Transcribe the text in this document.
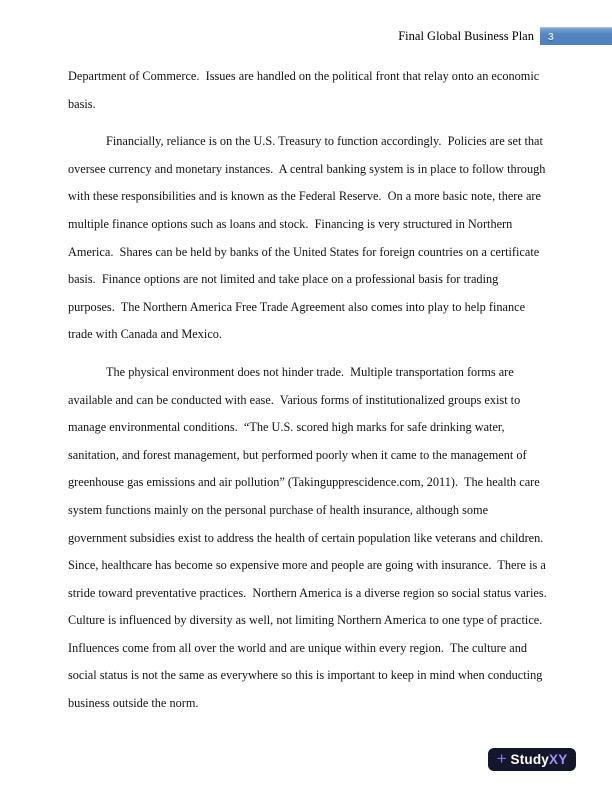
Final Global Business Plan	3

Department of Commerce.  Issues are handled on the political front that relay onto an economic basis.

Financially, reliance is on the U.S. Treasury to function accordingly.  Policies are set that oversee currency and monetary instances.  A central banking system is in place to follow through with these responsibilities and is known as the Federal Reserve.  On a more basic note, there are multiple finance options such as loans and stock.  Financing is very structured in Northern America.  Shares can be held by banks of the United States for foreign countries on a certificate basis.  Finance options are not limited and take place on a professional basis for trading purposes.  The Northern America Free Trade Agreement also comes into play to help finance trade with Canada and Mexico.

The physical environment does not hinder trade.  Multiple transportation forms are available and can be conducted with ease.  Various forms of institutionalized groups exist to manage environmental conditions.  “The U.S. scored high marks for safe drinking water, sanitation, and forest management, but performed poorly when it came to the management of greenhouse gas emissions and air pollution” (Takingupprescidence.com, 2011).  The health care system functions mainly on the personal purchase of health insurance, although some government subsidies exist to address the health of certain population like veterans and children.  Since, healthcare has become so expensive more and people are going with insurance.  There is a stride toward preventative practices.  Northern America is a diverse region so social status varies.  Culture is influenced by diversity as well, not limiting Northern America to one type of practice.  Influences come from all over the world and are unique within every region.  The culture and social status is not the same as everywhere so this is important to keep in mind when conducting business outside the norm.

+ Study XY
